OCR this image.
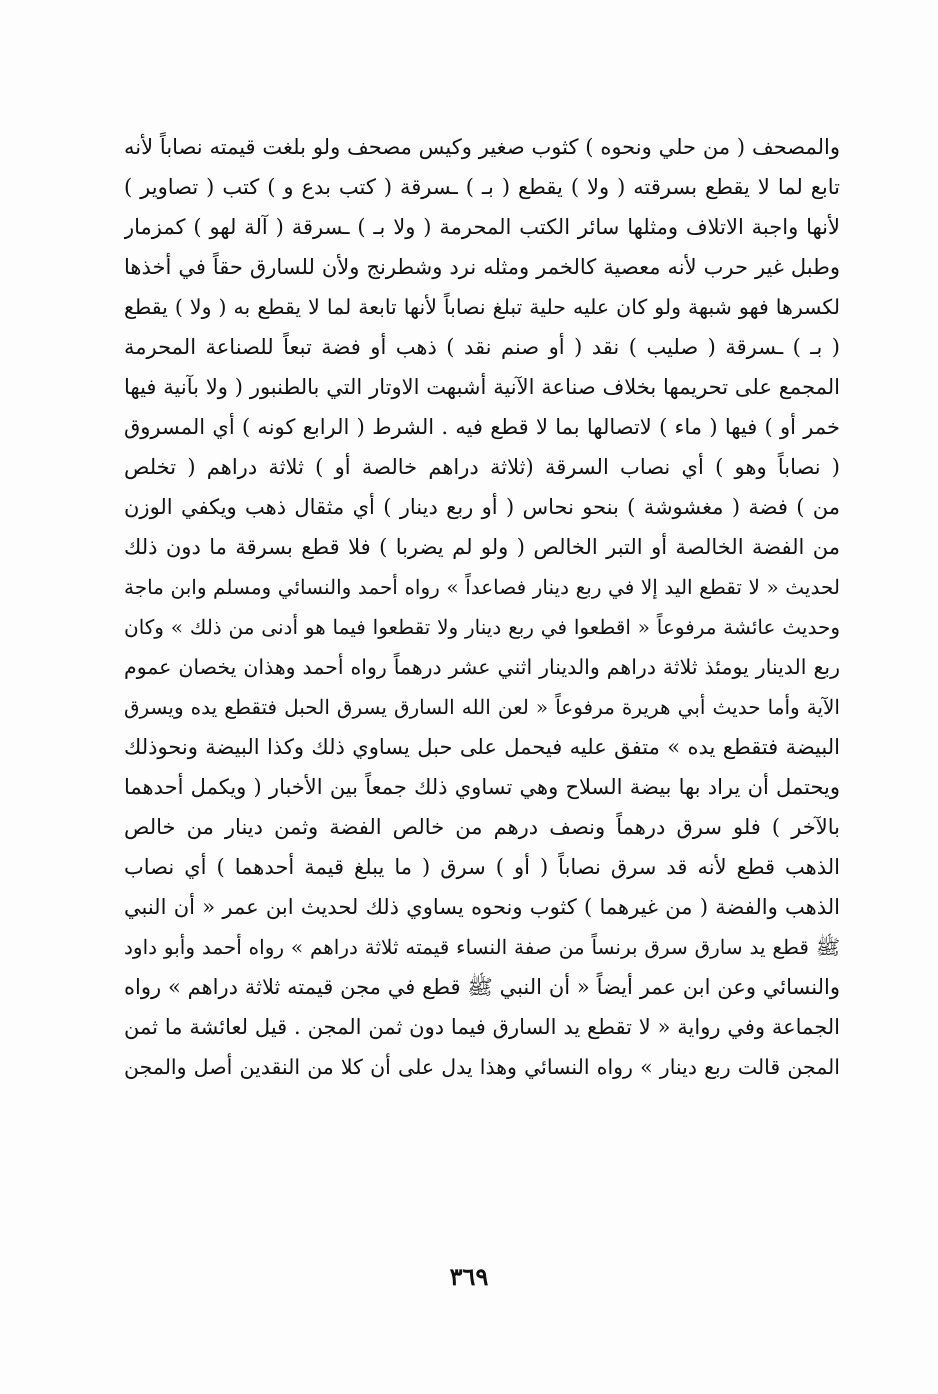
والمصحف ( من حلي ونحوه ) كثوب صغير وكيس مصحف ولو بلغت قيمته نصاباً لأنه
تابع لما لا يقطع بسرقته ( ولا ) يقطع ( بـ ) ـسرقة ( كتب بدع و ) كتب ( تصاوير )
لأنها واجبة الاتلاف ومثلها سائر الكتب المحرمة ( ولا بـ ) ـسرقة ( آلة لهو ) كمزمار
وطبل غير حرب لأنه معصية كالخمر ومثله نرد وشطرنج ولأن للسارق حقاً في أخذها
لكسرها فهو شبهة ولو كان عليه حلية تبلغ نصاباً لأنها تابعة لما لا يقطع به ( ولا ) يقطع
( بـ ) ـسرقة ( صليب ) نقد ( أو صنم نقد ) ذهب أو فضة تبعاً للصناعة المحرمة
المجمع على تحريمها بخلاف صناعة الآنية أشبهت الاوتار التي بالطنبور ( ولا بآنية فيها
خمر أو ) فيها ( ماء ) لاتصالها بما لا قطع فيه . الشرط ( الرابع كونه ) أي المسروق
( نصاباً وهو ) أي نصاب السرقة (ثلاثة دراهم خالصة أو ) ثلاثة دراهم ( تخلص
من ) فضة ( مغشوشة ) بنحو نحاس ( أو ربع دينار ) أي مثقال ذهب ويكفي الوزن
من الفضة الخالصة أو التبر الخالص ( ولو لم يضربا ) فلا قطع بسرقة ما دون ذلك
لحديث « لا تقطع اليد إلا في ربع دينار فصاعداً » رواه أحمد والنسائي ومسلم وابن ماجة
وحديث عائشة مرفوعاً « اقطعوا في ربع دينار ولا تقطعوا فيما هو أدنى من ذلك » وكان
ربع الدينار يومئذ ثلاثة دراهم والدينار اثني عشر درهماً رواه أحمد وهذان يخصان عموم
الآية وأما حديث أبي هريرة مرفوعاً « لعن الله السارق يسرق الحبل فتقطع يده ويسرق
البيضة فتقطع يده » متفق عليه فيحمل على حبل يساوي ذلك وكذا البيضة ونحوذلك
ويحتمل أن يراد بها بيضة السلاح وهي تساوي ذلك جمعاً بين الأخبار ( ويكمل أحدهما
بالآخر ) فلو سرق درهماً ونصف درهم من خالص الفضة وثمن دينار من خالص
الذهب قطع لأنه قد سرق نصاباً ( أو ) سرق ( ما يبلغ قيمة أحدهما ) أي نصاب
الذهب والفضة ( من غيرهما ) كثوب ونحوه يساوي ذلك لحديث ابن عمر « أن النبي
ﷺ قطع يد سارق سرق برنساً من صفة النساء قيمته ثلاثة دراهم » رواه أحمد وأبو داود
والنسائي وعن ابن عمر أيضاً « أن النبي ﷺ قطع في مجن قيمته ثلاثة دراهم » رواه
الجماعة وفي رواية « لا تقطع يد السارق فيما دون ثمن المجن . قيل لعائشة ما ثمن
المجن قالت ربع دينار » رواه النسائي وهذا يدل على أن كلا من النقدين أصل والمجن
٣٦٩
